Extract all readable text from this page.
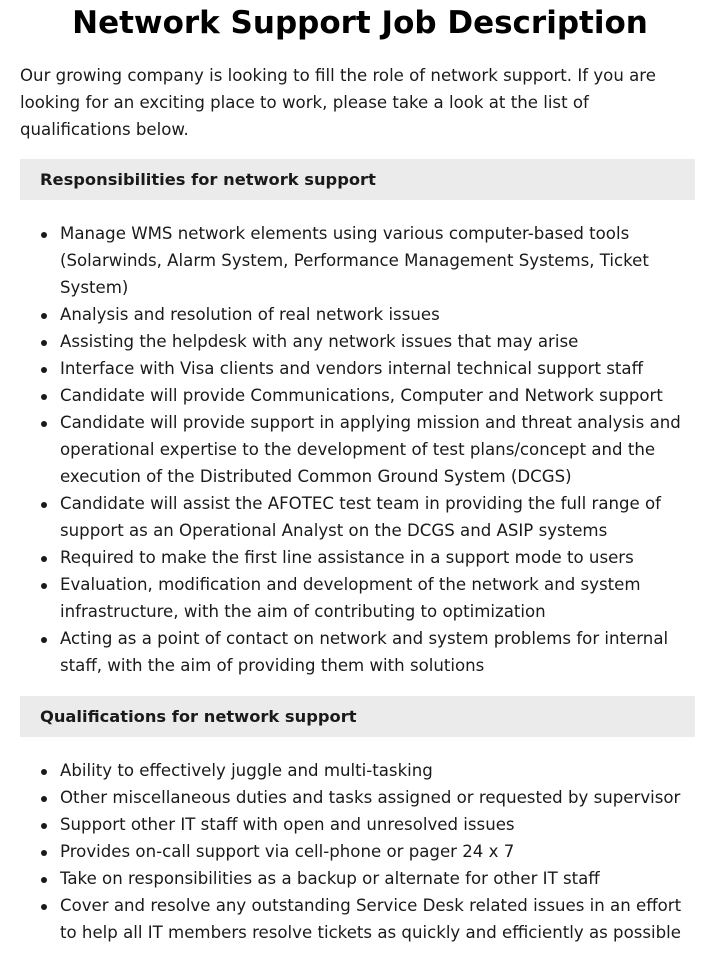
Network Support Job Description

Our growing company is looking to fill the role of network support. If you are looking for an exciting place to work, please take a look at the list of qualifications below.

Responsibilities for network support
Manage WMS network elements using various computer-based tools (Solarwinds, Alarm System, Performance Management Systems, Ticket System)
Analysis and resolution of real network issues
Assisting the helpdesk with any network issues that may arise
Interface with Visa clients and vendors internal technical support staff
Candidate will provide Communications, Computer and Network support
Candidate will provide support in applying mission and threat analysis and operational expertise to the development of test plans/concept and the execution of the Distributed Common Ground System (DCGS)
Candidate will assist the AFOTEC test team in providing the full range of support as an Operational Analyst on the DCGS and ASIP systems
Required to make the first line assistance in a support mode to users
Evaluation, modification and development of the network and system infrastructure, with the aim of contributing to optimization
Acting as a point of contact on network and system problems for internal staff, with the aim of providing them with solutions
Qualifications for network support
Ability to effectively juggle and multi-tasking
Other miscellaneous duties and tasks assigned or requested by supervisor
Support other IT staff with open and unresolved issues
Provides on-call support via cell-phone or pager 24 x 7
Take on responsibilities as a backup or alternate for other IT staff
Cover and resolve any outstanding Service Desk related issues in an effort to help all IT members resolve tickets as quickly and efficiently as possible
